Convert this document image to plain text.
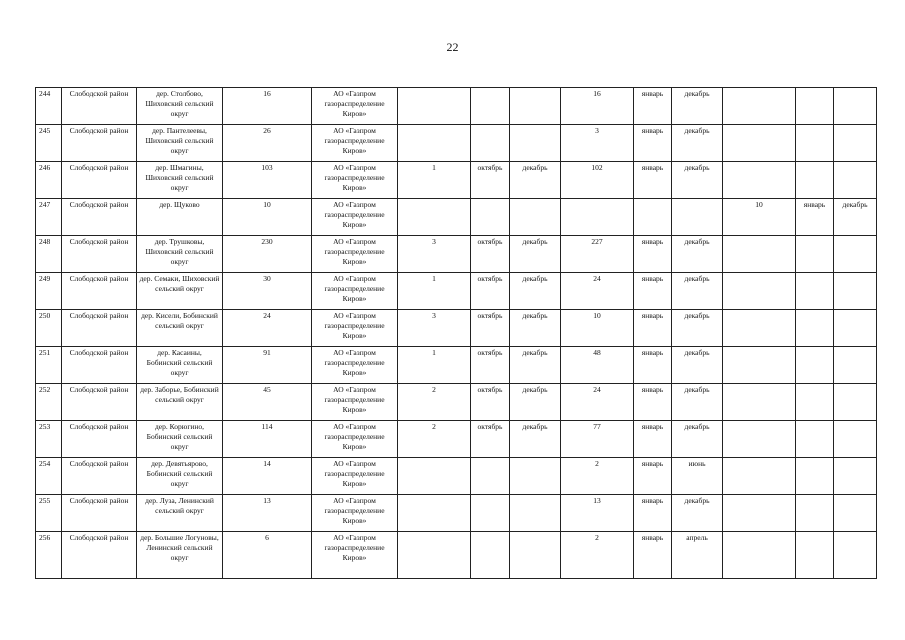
22
244	Слободской район	дер. Столбово, Шиховский сельский округ	16	АО «Газпром газораспределение Киров»				16	январь	декабрь			
245	Слободской район	дер. Пантелеевы, Шиховский сельский округ	26	АО «Газпром газораспределение Киров»				3	январь	декабрь			
246	Слободской район	дер. Шмагины, Шиховский сельский округ	103	АО «Газпром газораспределение Киров»	1	октябрь	декабрь	102	январь	декабрь			
247	Слободской район	дер. Щуково	10	АО «Газпром газораспределение Киров»							10	январь	декабрь
248	Слободской район	дер. Трушковы, Шиховский сельский округ	230	АО «Газпром газораспределение Киров»	3	октябрь	декабрь	227	январь	декабрь			
249	Слободской район	дер. Семаки, Шиховский сельский округ	30	АО «Газпром газораспределение Киров»	1	октябрь	декабрь	24	январь	декабрь			
250	Слободской район	дер. Кисели, Бобинский сельский округ	24	АО «Газпром газораспределение Киров»	3	октябрь	декабрь	10	январь	декабрь			
251	Слободской район	дер. Касаины, Бобинский сельский округ	91	АО «Газпром газораспределение Киров»	1	октябрь	декабрь	48	январь	декабрь			
252	Слободской район	дер. Заборье, Бобинский сельский округ	45	АО «Газпром газораспределение Киров»	2	октябрь	декабрь	24	январь	декабрь			
253	Слободской район	дер. Корюгино, Бобинский сельский округ	114	АО «Газпром газораспределение Киров»	2	октябрь	декабрь	77	январь	декабрь			
254	Слободской район	дер. Девятьярово, Бобинский сельский округ	14	АО «Газпром газораспределение Киров»				2	январь	июнь			
255	Слободской район	дер. Луза, Ленинский сельский округ	13	АО «Газпром газораспределение Киров»				13	январь	декабрь			
256	Слободской район	дер. Большие Логуновы, Ленинский сельский округ	6	АО «Газпром газораспределение Киров»				2	январь	апрель			
